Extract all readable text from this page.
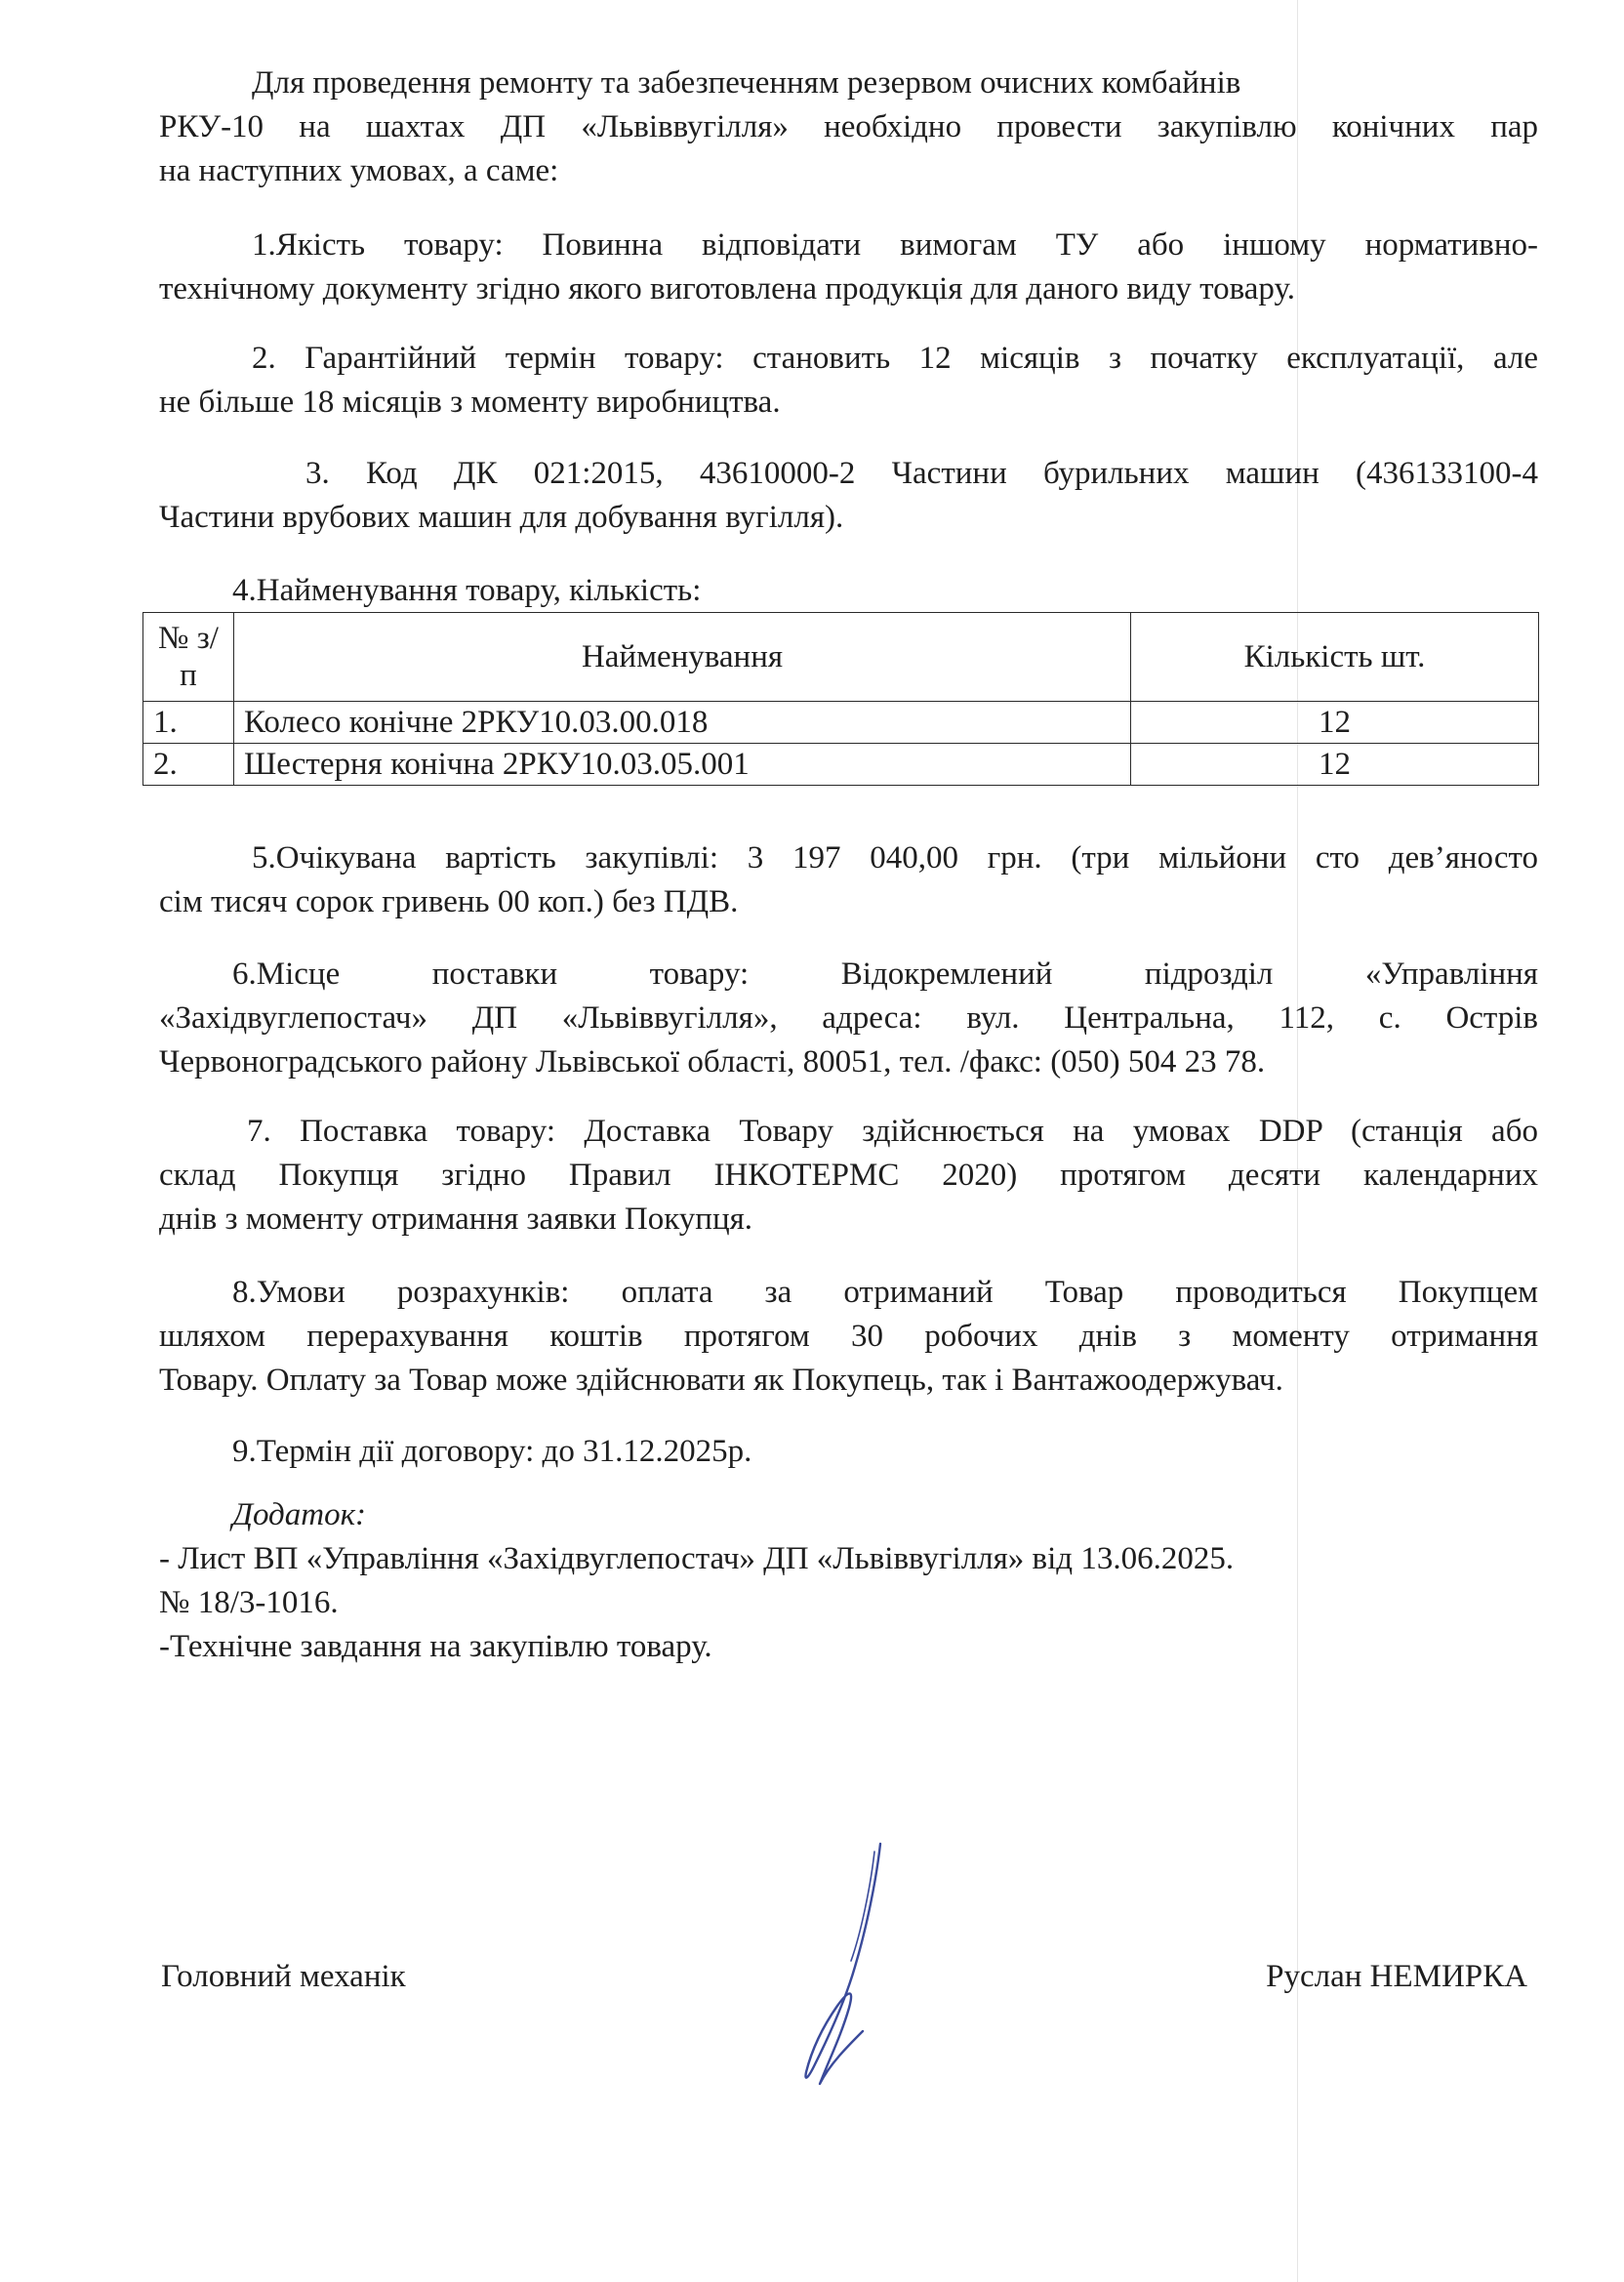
Для проведення ремонту та забезпеченням резервом очисних комбайнів
РКУ-10 на шахтах ДП «Львіввугілля» необхідно провести закупівлю конічних пар
на наступних умовах, а саме:
1.Якість товару: Повинна відповідати вимогам ТУ або іншому нормативно-
технічному документу згідно якого виготовлена продукція для даного виду товару.
2. Гарантійний термін товару: становить 12 місяців з початку експлуатації, але
не більше 18 місяців з моменту виробництва.
3. Код ДК 021:2015, 43610000-2 Частини бурильних машин (436133100-4
Частини врубових машин для добування вугілля).
4.Найменування товару, кількість:
№ з/п	Найменування	Кількість шт.
1.	Колесо конічне 2РКУ10.03.00.018	12
2.	Шестерня конічна 2РКУ10.03.05.001	12
5.Очікувана вартість закупівлі: 3 197 040,00 грн. (три мільйони сто дев’яносто
сім тисяч сорок гривень 00 коп.) без ПДВ.
6.Місце поставки товару: Відокремлений підрозділ «Управління
«Західвуглепостач» ДП «Львіввугілля», адреса: вул. Центральна, 112, с. Острів
Червоноградського району Львівської області, 80051, тел. /факс: (050) 504 23 78.
7. Поставка товару: Доставка Товару здійснюється на умовах DDP (станція або
склад Покупця згідно Правил ІНКОТЕРМС 2020) протягом десяти календарних
днів з моменту отримання заявки Покупця.
8.Умови розрахунків: оплата за отриманий Товар проводиться Покупцем
шляхом перерахування коштів протягом 30 робочих днів з моменту отримання
Товару. Оплату за Товар може здійснювати як Покупець, так і Вантажоодержувач.
9.Термін дії договору: до 31.12.2025р.
Додаток:
- Лист ВП «Управління «Західвуглепостач» ДП «Львіввугілля» від 13.06.2025.
№ 18/3-1016.
-Технічне завдання на закупівлю товару.
Головний механік	Руслан НЕМИРКА
